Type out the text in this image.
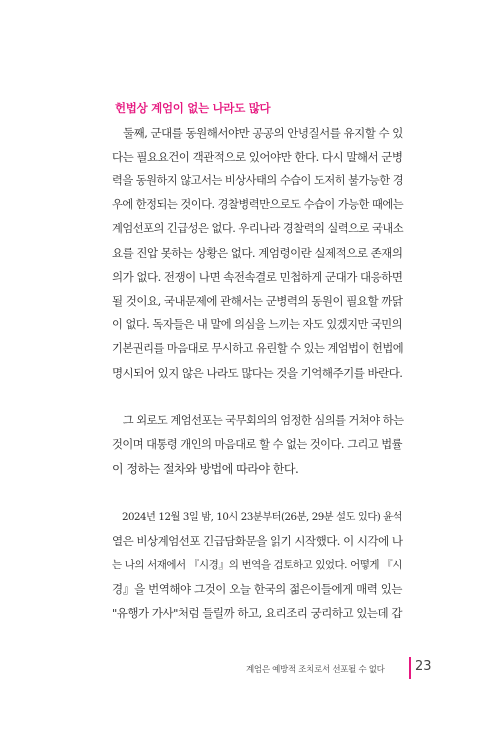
헌법상 계엄이 없는 나라도 많다
　둘째, 군대를 동원해서야만 공공의 안녕질서를 유지할 수 있
다는 필요요건이 객관적으로 있어야만 한다. 다시 말해서 군병
력을 동원하지 않고서는 비상사태의 수습이 도저히 불가능한 경
우에 한정되는 것이다. 경찰병력만으로도 수습이 가능한 때에는
계엄선포의 긴급성은 없다. 우리나라 경찰력의 실력으로 국내소
요를 진압 못하는 상황은 없다. 계엄령이란 실제적으로 존재의
의가 없다. 전쟁이 나면 속전속결로 민첩하게 군대가 대응하면
될 것이요, 국내문제에 관해서는 군병력의 동원이 필요할 까닭
이 없다. 독자들은 내 말에 의심을 느끼는 자도 있겠지만 국민의
기본권리를 마음대로 무시하고 유린할 수 있는 계엄법이 헌법에
명시되어 있지 않은 나라도 많다는 것을 기억해주기를 바란다.
　그 외로도 계엄선포는 국무회의의 엄정한 심의를 거쳐야 하는
것이며 대통령 개인의 마음대로 할 수 없는 것이다. 그리고 법률
이 정하는 절차와 방법에 따라야 한다.
　2024년 12월 3일 밤, 10시 23분부터(26분, 29분 설도 있다) 윤석
열은 비상계엄선포 긴급담화문을 읽기 시작했다. 이 시각에 나
는 나의 서재에서 『시경』의 번역을 검토하고 있었다. 어떻게 『시
경』을 번역해야 그것이 오늘 한국의 젊은이들에게 매력 있는
"유행가 가사"처럼 들릴까 하고, 요리조리 궁리하고 있는데 갑
계엄은 예방적 조치로서 선포될 수 없다 23
